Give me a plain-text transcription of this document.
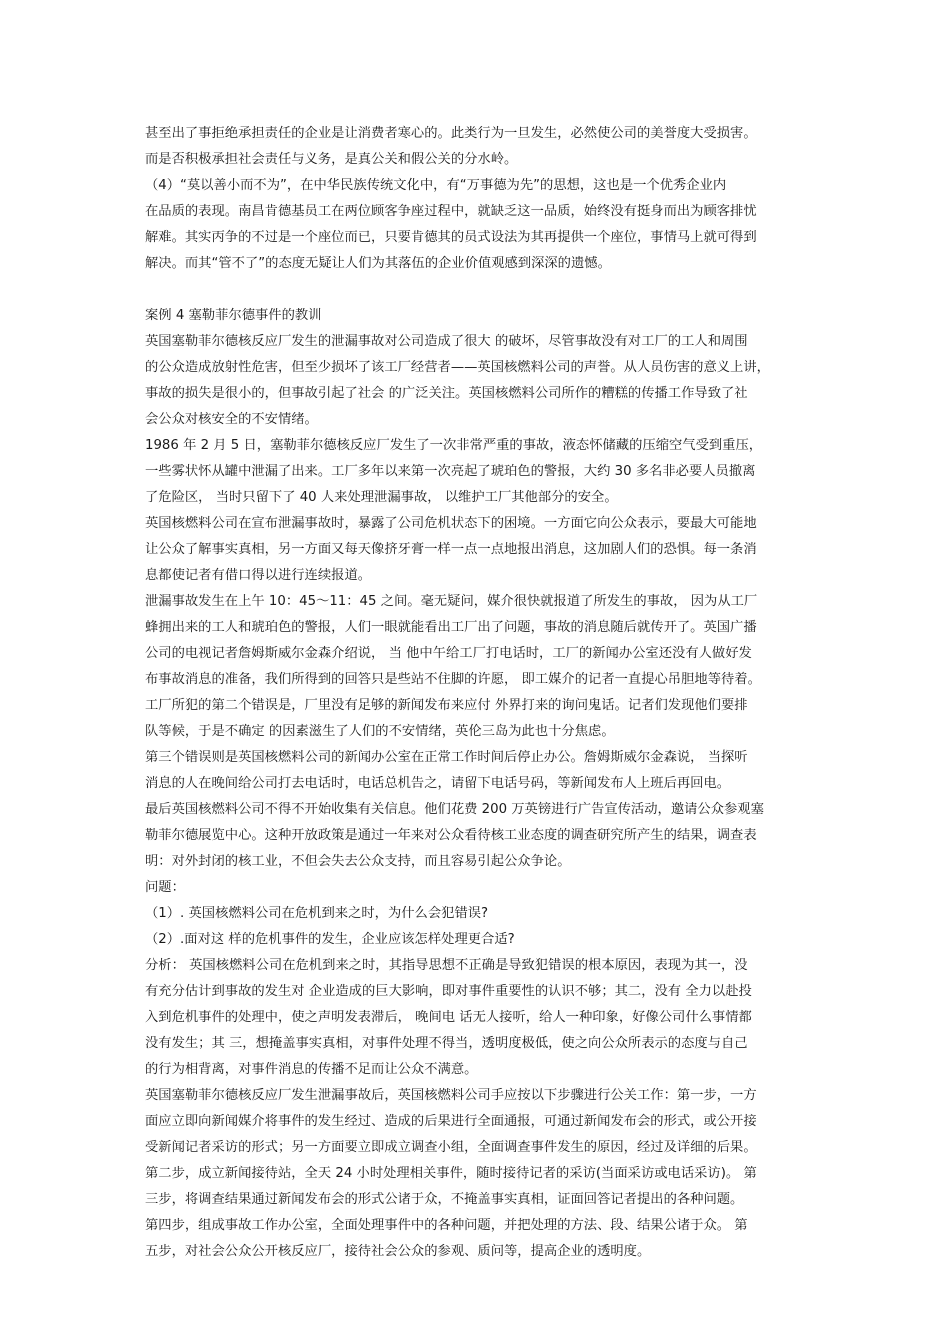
甚至出了事拒绝承担责任的企业是让消费者寒心的。此类行为一旦发生，必然使公司的美誉度大受损害。
而是否积极承担社会责任与义务，是真公关和假公关的分水岭。
（4）“莫以善小而不为”，在中华民族传统文化中，有“万事德为先”的思想，这也是一个优秀企业内
在品质的表现。南昌肯德基员工在两位顾客争座过程中，就缺乏这一品质，始终没有挺身而出为顾客排忧
解难。其实丙争的不过是一个座位而已，只要肯德其的员式设法为其再提供一个座位，事情马上就可得到
解决。而其“管不了”的态度无疑让人们为其落伍的企业价值观感到深深的遗憾。
案例 4 塞勒菲尔德事件的教训
英国塞勒菲尔德核反应厂发生的泄漏事故对公司造成了很大 的破坏，尽管事故没有对工厂的工人和周围
的公众造成放射性危害，但至少损坏了该工厂经营者——英国核燃料公司的声誉。从人员伤害的意义上讲，
事故的损失是很小的，但事故引起了社会 的广泛关注。英国核燃料公司所作的糟糕的传播工作导致了社
会公众对核安全的不安情绪。
1986 年 2 月 5 日，塞勒菲尔德核反应厂发生了一次非常严重的事故，液态怀储藏的压缩空气受到重压，
一些雾状怀从罐中泄漏了出来。工厂多年以来第一次亮起了琥珀色的警报，大约 30 多名非必要人员撤离
了危险区， 当时只留下了 40 人来处理泄漏事故， 以维护工厂其他部分的安全。
英国核燃料公司在宣布泄漏事故时，暴露了公司危机状态下的困境。一方面它向公众表示，要最大可能地
让公众了解事实真相，另一方面又每天像挤牙膏一样一点一点地报出消息，这加剧人们的恐惧。每一条消
息都使记者有借口得以进行连续报道。
泄漏事故发生在上午 10：45～11：45 之间。毫无疑问，媒介很快就报道了所发生的事故， 因为从工厂
蜂拥出来的工人和琥珀色的警报，人们一眼就能看出工厂出了问题，事故的消息随后就传开了。英国广播
公司的电视记者詹姆斯威尔金森介绍说， 当 他中午给工厂打电话时，工厂的新闻办公室还没有人做好发
布事故消息的准备，我们所得到的回答只是些站不住脚的许愿， 即工媒介的记者一直提心吊胆地等待着。
工厂所犯的第二个错误是，厂里没有足够的新闻发布来应付 外界打来的询问鬼话。记者们发现他们要排
队等候，于是不确定 的因素滋生了人们的不安情绪，英伦三岛为此也十分焦虑。
第三个错误则是英国核燃料公司的新闻办公室在正常工作时间后停止办公。詹姆斯威尔金森说， 当探听
消息的人在晚间给公司打去电话时，电话总机告之，请留下电话号码，等新闻发布人上班后再回电。
最后英国核燃料公司不得不开始收集有关信息。他们花费 200 万英镑进行广告宣传活动，邀请公众参观塞
勒菲尔德展览中心。这种开放政策是通过一年来对公众看待核工业态度的调查研究所产生的结果，调查表
明：对外封闭的核工业，不但会失去公众支持，而且容易引起公众争论。
问题：
（1）. 英国核燃料公司在危机到来之时，为什么会犯错误?
（2）.面对这 样的危机事件的发生，企业应该怎样处理更合适?
分析： 英国核燃料公司在危机到来之时，其指导思想不正确是导致犯错误的根本原因，表现为其一，没
有充分估计到事故的发生对 企业造成的巨大影响，即对事件重要性的认识不够；其二，没有 全力以赴投
入到危机事件的处理中，使之声明发表滞后， 晚间电 话无人接听，给人一种印象，好像公司什么事情都
没有发生；其 三，想掩盖事实真相，对事件处理不得当，透明度极低，使之向公众所表示的态度与自己
的行为相背离，对事件消息的传播不足而让公众不满意。
英国塞勒菲尔德核反应厂发生泄漏事故后，英国核燃料公司手应按以下步骤进行公关工作：第一步，一方
面应立即向新闻媒介将事件的发生经过、造成的后果进行全面通报，可通过新闻发布会的形式，或公开接
受新闻记者采访的形式；另一方面要立即成立调查小组，全面调查事件发生的原因，经过及详细的后果。
第二步，成立新闻接待站，全天 24 小时处理相关事件，随时接待记者的采访(当面采访或电话采访)。 第
三步，将调查结果通过新闻发布会的形式公诸于众，不掩盖事实真相，证面回答记者提出的各种问题。
第四步，组成事故工作办公室，全面处理事件中的各种问题，并把处理的方法、段、结果公诸于众。 第
五步，对社会公众公开核反应厂，接待社会公众的参观、质问等，提高企业的透明度。
